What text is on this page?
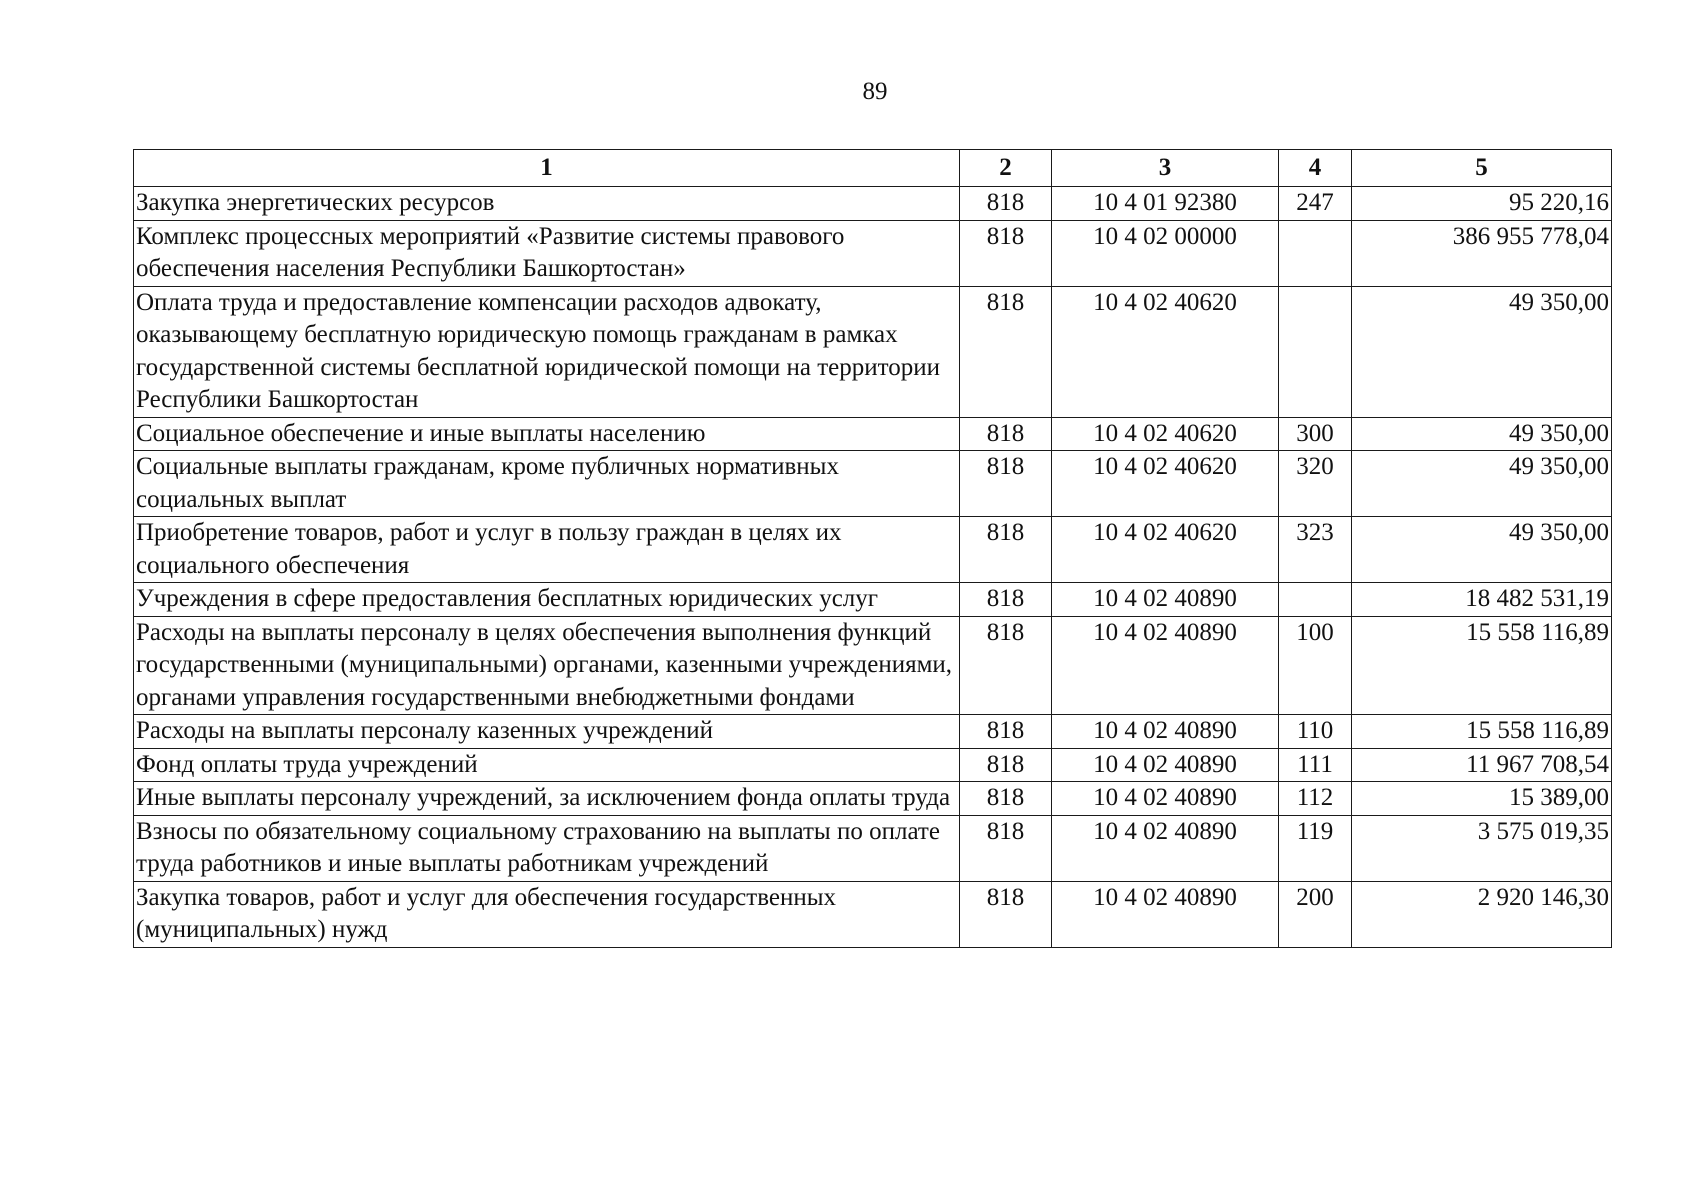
89
1	2	3	4	5
Закупка энергетических ресурсов	818	10 4 01 92380	247	95 220,16
Комплекс процессных мероприятий «Развитие системы правового обеспечения населения Республики Башкортостан»	818	10 4 02 00000		386 955 778,04
Оплата труда и предоставление компенсации расходов адвокату, оказывающему бесплатную юридическую помощь гражданам в рамках государственной системы бесплатной юридической помощи на территории Республики Башкортостан	818	10 4 02 40620		49 350,00
Социальное обеспечение и иные выплаты населению	818	10 4 02 40620	300	49 350,00
Социальные выплаты гражданам, кроме публичных нормативных социальных выплат	818	10 4 02 40620	320	49 350,00
Приобретение товаров, работ и услуг в пользу граждан в целях их социального обеспечения	818	10 4 02 40620	323	49 350,00
Учреждения в сфере предоставления бесплатных юридических услуг	818	10 4 02 40890		18 482 531,19
Расходы на выплаты персоналу в целях обеспечения выполнения функций государственными (муниципальными) органами, казенными учреждениями, органами управления государственными внебюджетными фондами	818	10 4 02 40890	100	15 558 116,89
Расходы на выплаты персоналу казенных учреждений	818	10 4 02 40890	110	15 558 116,89
Фонд оплаты труда учреждений	818	10 4 02 40890	111	11 967 708,54
Иные выплаты персоналу учреждений, за исключением фонда оплаты труда	818	10 4 02 40890	112	15 389,00
Взносы по обязательному социальному страхованию на выплаты по оплате труда работников и иные выплаты работникам учреждений	818	10 4 02 40890	119	3 575 019,35
Закупка товаров, работ и услуг для обеспечения государственных (муниципальных) нужд	818	10 4 02 40890	200	2 920 146,30
